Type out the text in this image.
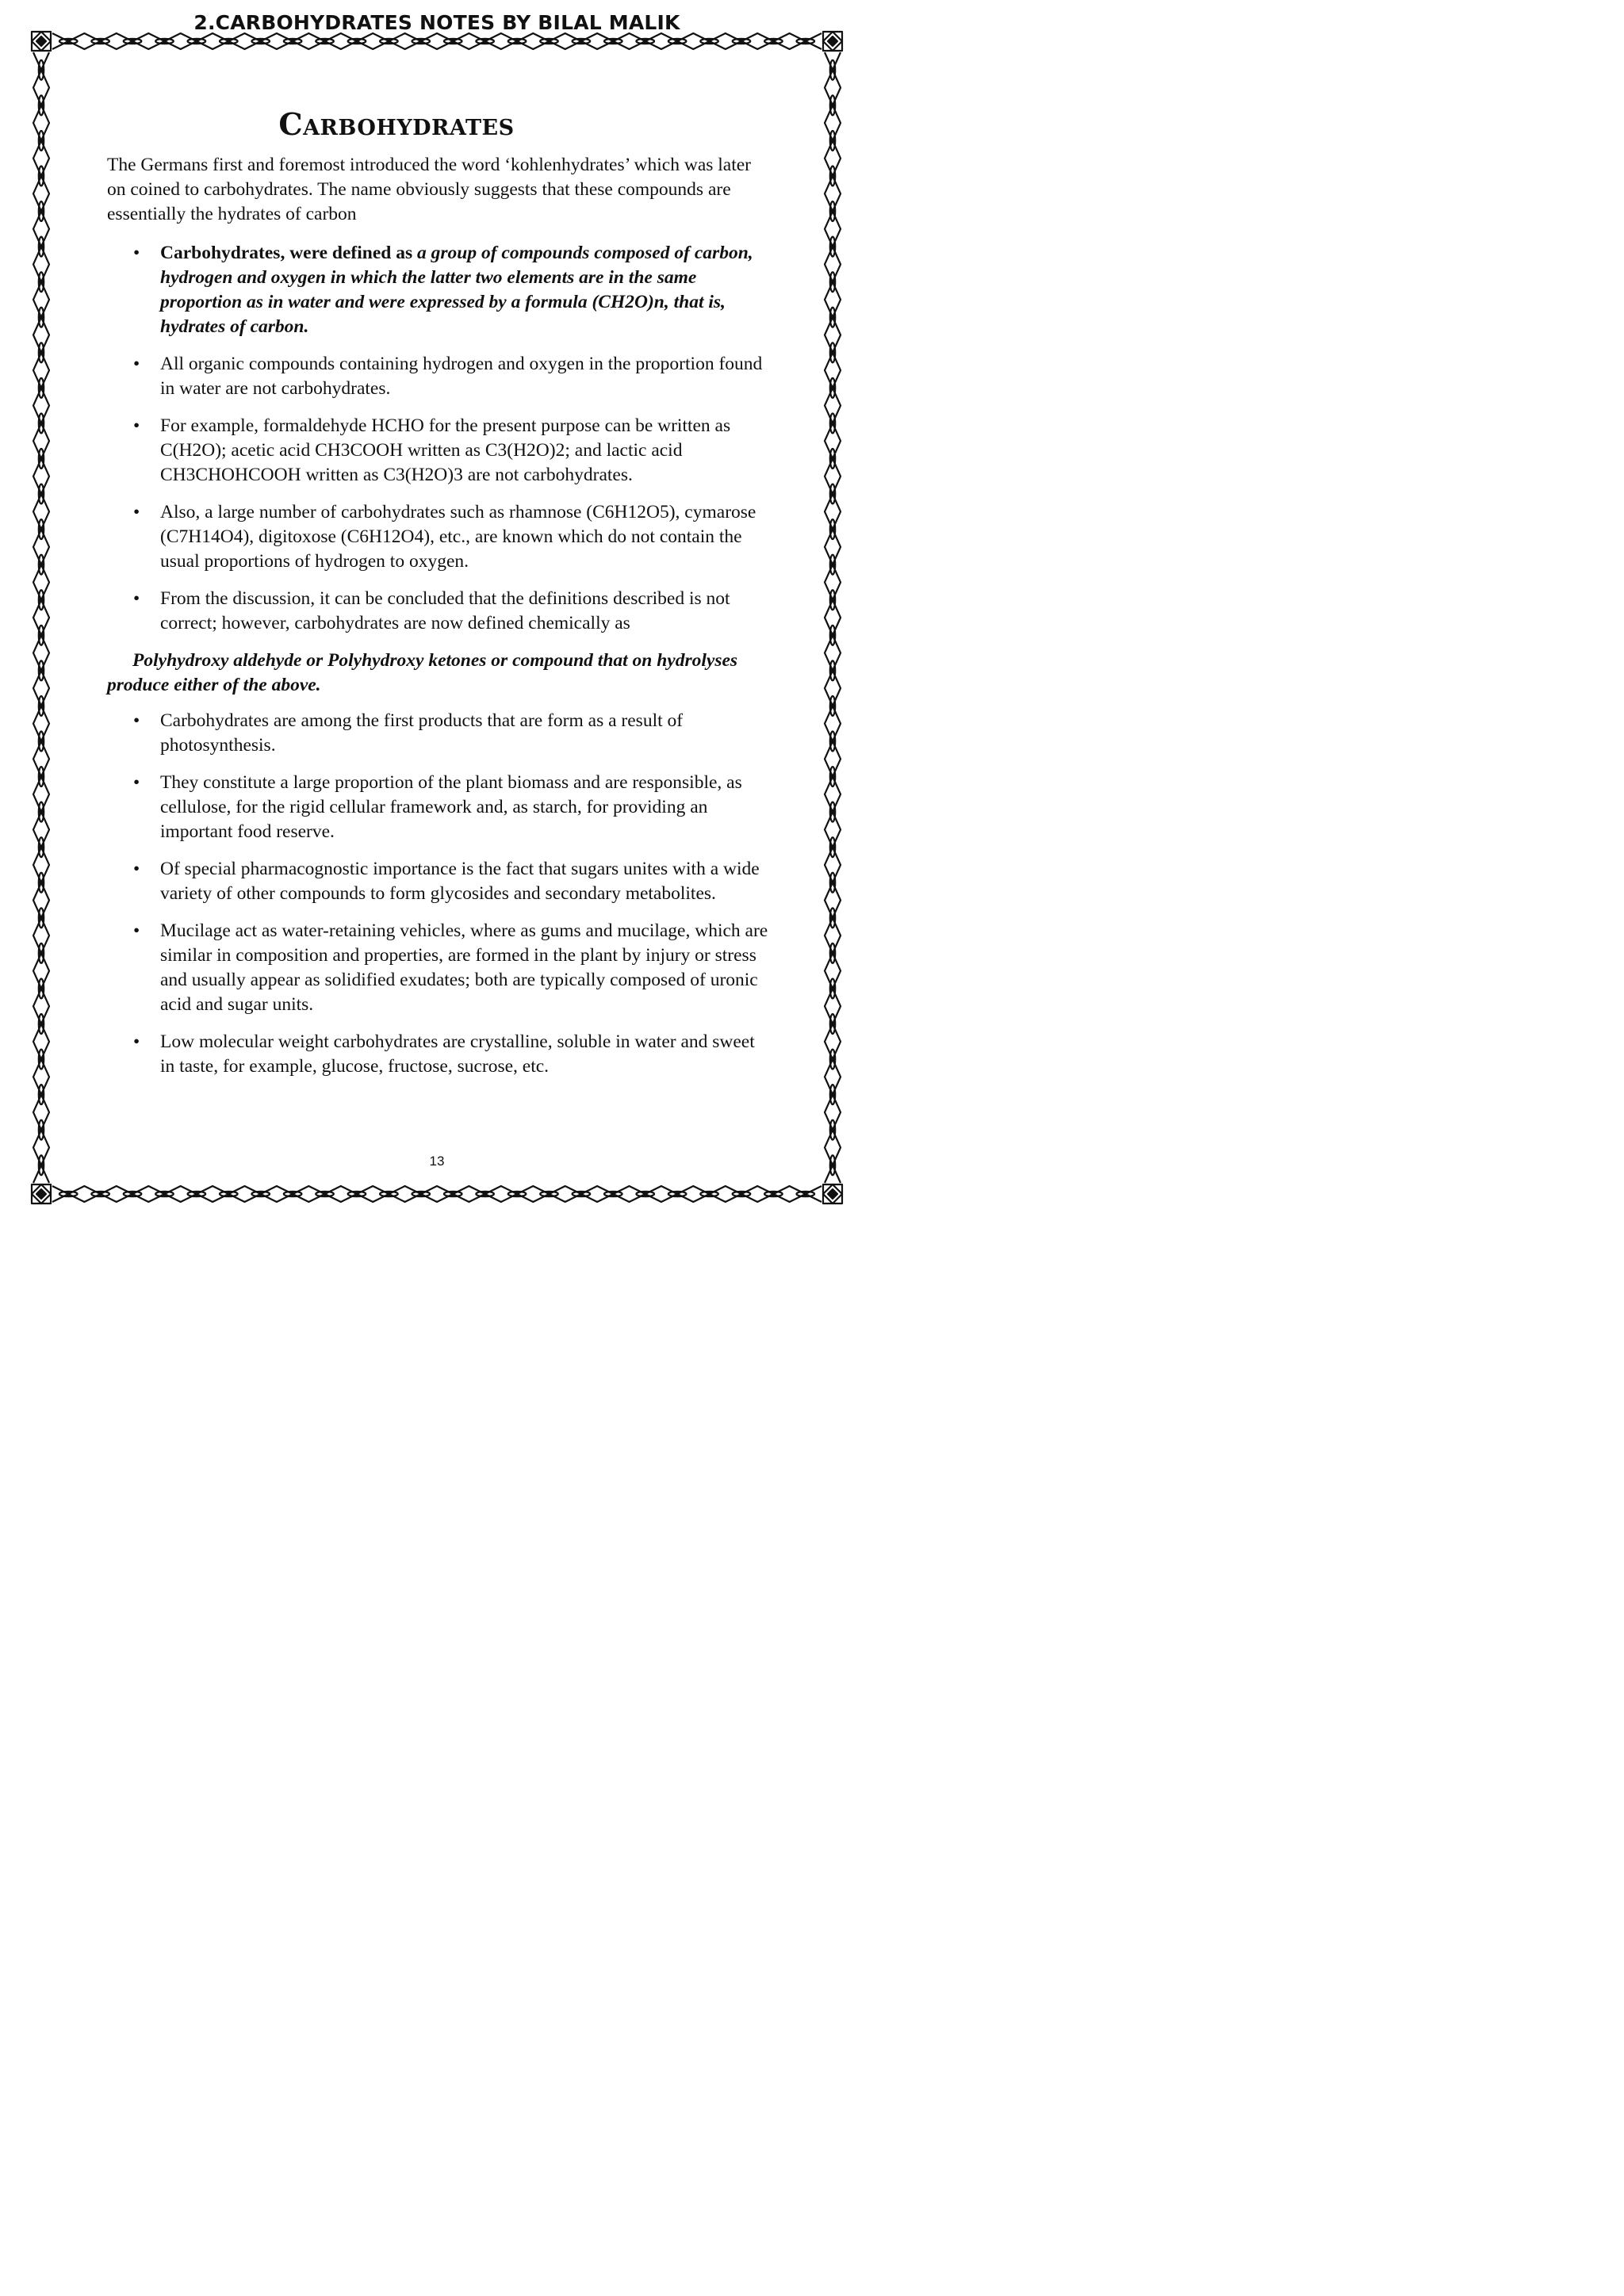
2.CARBOHYDRATES NOTES BY BILAL MALIK
Carbohydrates

The Germans first and foremost introduced the word ‘kohlenhydrates’ which was later on coined to carbohydrates. The name obviously suggests that these compounds are essentially the hydrates of carbon

• Carbohydrates, were defined as a group of compounds composed of carbon, hydrogen and oxygen in which the latter two elements are in the same proportion as in water and were expressed by a formula (CH2O)n, that is, hydrates of carbon.
• All organic compounds containing hydrogen and oxygen in the proportion found in water are not carbohydrates.
• For example, formaldehyde HCHO for the present purpose can be written as C(H2O); acetic acid CH3COOH written as C3(H2O)2; and lactic acid CH3CHOHCOOH written as C3(H2O)3 are not carbohydrates.
• Also, a large number of carbohydrates such as rhamnose (C6H12O5), cymarose (C7H14O4), digitoxose (C6H12O4), etc., are known which do not contain the usual proportions of hydrogen to oxygen.
• From the discussion, it can be concluded that the definitions described is not correct; however, carbohydrates are now defined chemically as

Polyhydroxy aldehyde or Polyhydroxy ketones or compound that on hydrolyses produce either of the above.

• Carbohydrates are among the first products that are form as a result of photosynthesis.
• They constitute a large proportion of the plant biomass and are responsible, as cellulose, for the rigid cellular framework and, as starch, for providing an important food reserve.
• Of special pharmacognostic importance is the fact that sugars unites with a wide variety of other compounds to form glycosides and secondary metabolites.
• Mucilage act as water-retaining vehicles, where as gums and mucilage, which are similar in composition and properties, are formed in the plant by injury or stress and usually appear as solidified exudates; both are typically composed of uronic acid and sugar units.
• Low molecular weight carbohydrates are crystalline, soluble in water and sweet in taste, for example, glucose, fructose, sucrose, etc.
13
